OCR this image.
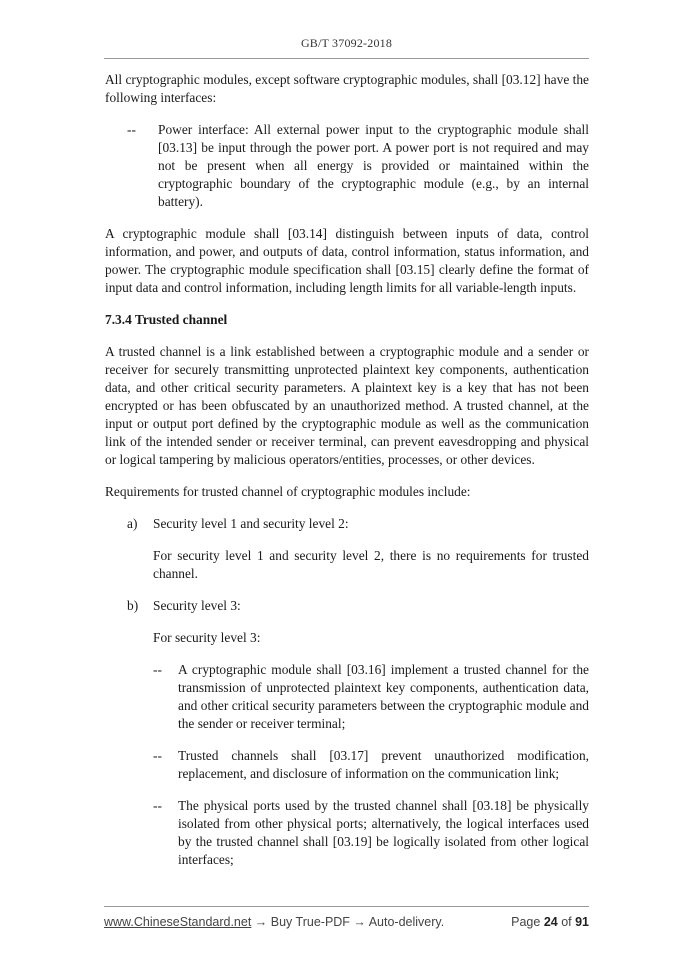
GB/T 37092-2018

All cryptographic modules, except software cryptographic modules, shall [03.12] have the following interfaces:

--	Power interface: All external power input to the cryptographic module shall [03.13] be input through the power port. A power port is not required and may not be present when all energy is provided or maintained within the cryptographic boundary of the cryptographic module (e.g., by an internal battery).

A cryptographic module shall [03.14] distinguish between inputs of data, control information, and power, and outputs of data, control information, status information, and power. The cryptographic module specification shall [03.15] clearly define the format of input data and control information, including length limits for all variable-length inputs.

7.3.4 Trusted channel

A trusted channel is a link established between a cryptographic module and a sender or receiver for securely transmitting unprotected plaintext key components, authentication data, and other critical security parameters. A plaintext key is a key that has not been encrypted or has been obfuscated by an unauthorized method. A trusted channel, at the input or output port defined by the cryptographic module as well as the communication link of the intended sender or receiver terminal, can prevent eavesdropping and physical or logical tampering by malicious operators/entities, processes, or other devices.

Requirements for trusted channel of cryptographic modules include:

a)	Security level 1 and security level 2:

For security level 1 and security level 2, there is no requirements for trusted channel.

b)	Security level 3:

For security level 3:

--	A cryptographic module shall [03.16] implement a trusted channel for the transmission of unprotected plaintext key components, authentication data, and other critical security parameters between the cryptographic module and the sender or receiver terminal;
--	Trusted channels shall [03.17] prevent unauthorized modification, replacement, and disclosure of information on the communication link;
--	The physical ports used by the trusted channel shall [03.18] be physically isolated from other physical ports; alternatively, the logical interfaces used by the trusted channel shall [03.19] be logically isolated from other logical interfaces;
www.ChineseStandard.net → Buy True-PDF → Auto-delivery.	Page 24 of 91
